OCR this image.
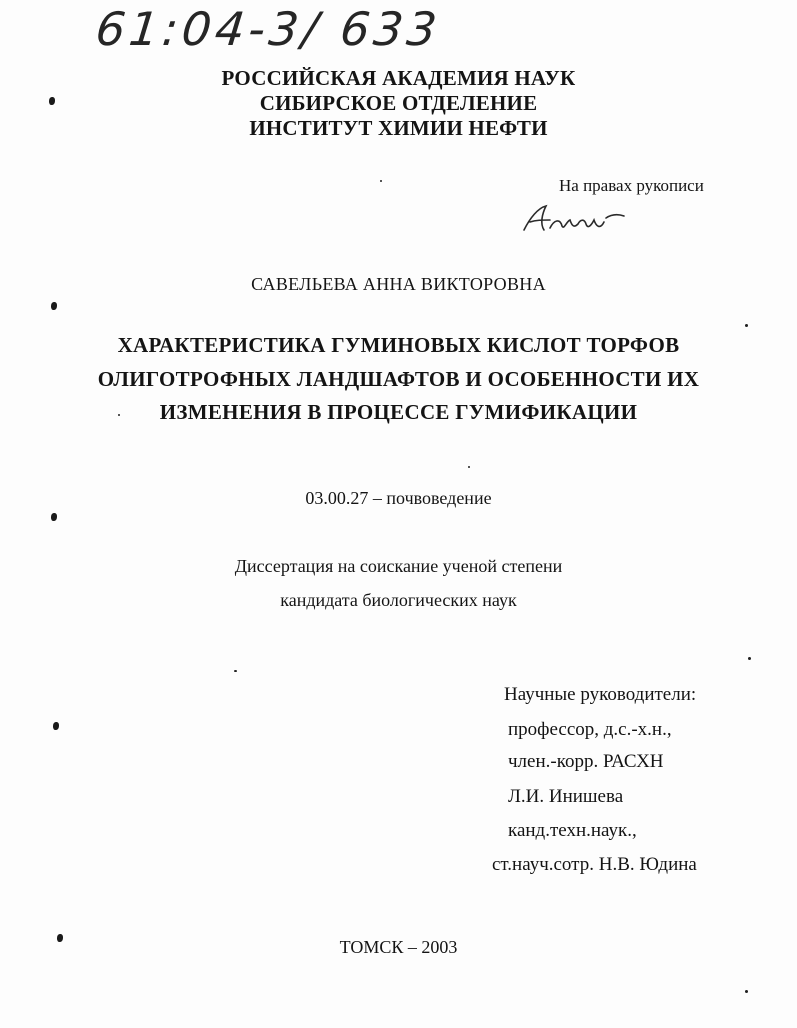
61:04-3/ 633
РОССИЙСКАЯ АКАДЕМИЯ НАУК
СИБИРСКОЕ ОТДЕЛЕНИЕ
ИНСТИТУТ ХИМИИ НЕФТИ
На правах рукописи
САВЕЛЬЕВА АННА ВИКТОРОВНА
ХАРАКТЕРИСТИКА ГУМИНОВЫХ КИСЛОТ ТОРФОВ
ОЛИГОТРОФНЫХ ЛАНДШАФТОВ И ОСОБЕННОСТИ ИХ
ИЗМЕНЕНИЯ В ПРОЦЕССЕ ГУМИФИКАЦИИ
03.00.27 – почвоведение
Диссертация на соискание ученой степени
кандидата биологических наук
Научные руководители:
профессор, д.с.-х.н.,
член.-корр. РАСХН
Л.И. Инишева
канд.техн.наук.,
ст.науч.сотр. Н.В. Юдина
ТОМСК – 2003
